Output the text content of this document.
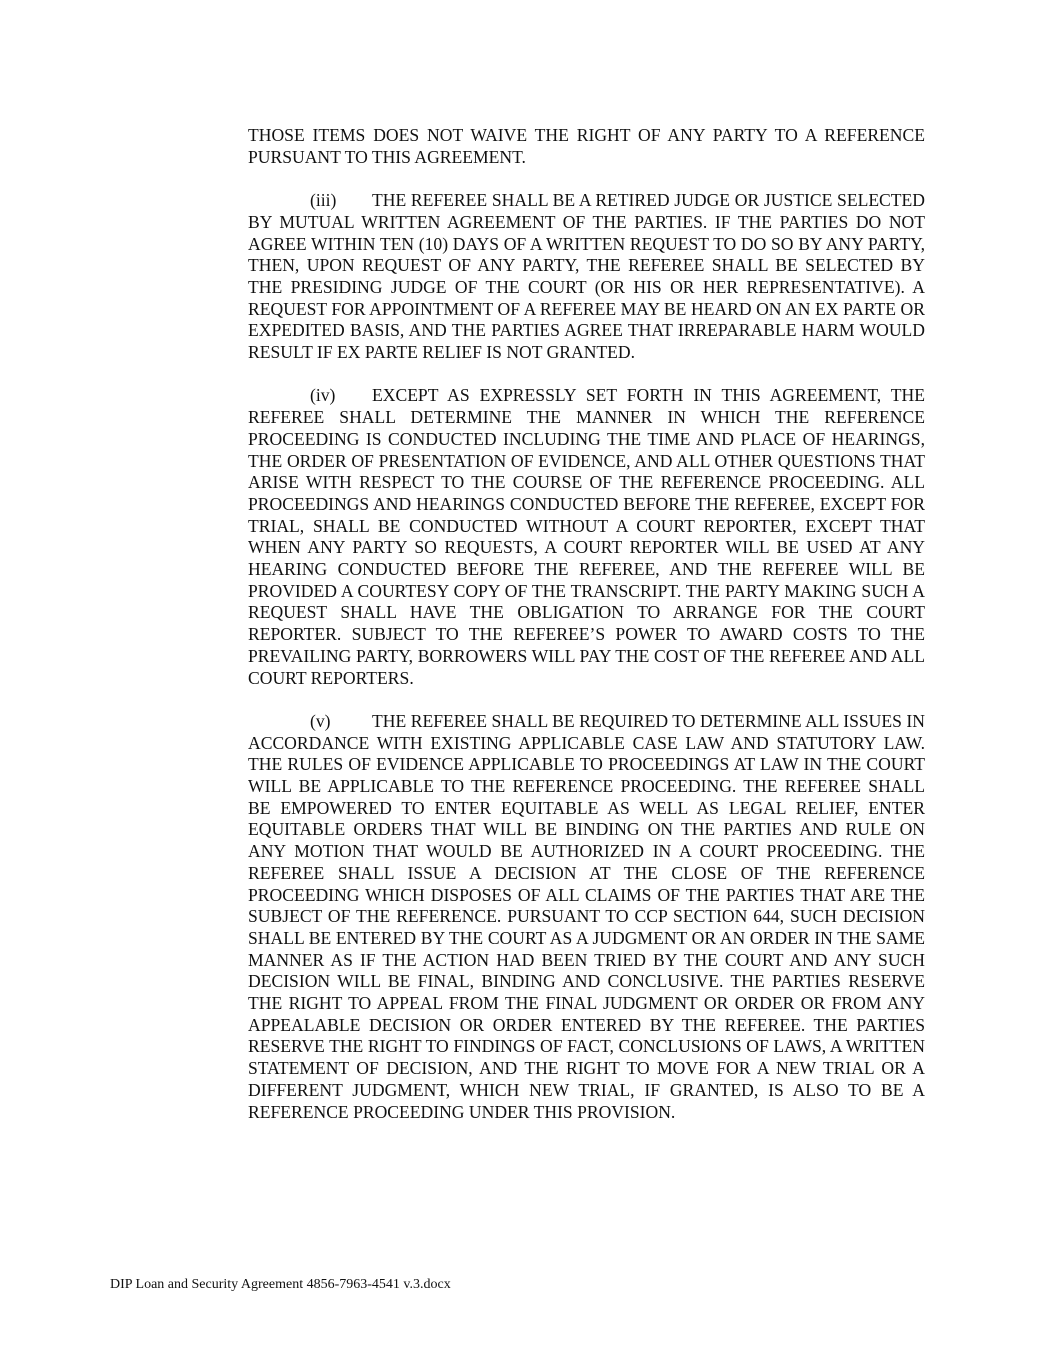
THOSE ITEMS DOES NOT WAIVE THE RIGHT OF ANY PARTY TO A REFERENCE PURSUANT TO THIS AGREEMENT.

(iii) THE REFEREE SHALL BE A RETIRED JUDGE OR JUSTICE SELECTED BY MUTUAL WRITTEN AGREEMENT OF THE PARTIES. IF THE PARTIES DO NOT AGREE WITHIN TEN (10) DAYS OF A WRITTEN REQUEST TO DO SO BY ANY PARTY, THEN, UPON REQUEST OF ANY PARTY, THE REFEREE SHALL BE SELECTED BY THE PRESIDING JUDGE OF THE COURT (OR HIS OR HER REPRESENTATIVE). A REQUEST FOR APPOINTMENT OF A REFEREE MAY BE HEARD ON AN EX PARTE OR EXPEDITED BASIS, AND THE PARTIES AGREE THAT IRREPARABLE HARM WOULD RESULT IF EX PARTE RELIEF IS NOT GRANTED.

(iv) EXCEPT AS EXPRESSLY SET FORTH IN THIS AGREEMENT, THE REFEREE SHALL DETERMINE THE MANNER IN WHICH THE REFERENCE PROCEEDING IS CONDUCTED INCLUDING THE TIME AND PLACE OF HEARINGS, THE ORDER OF PRESENTATION OF EVIDENCE, AND ALL OTHER QUESTIONS THAT ARISE WITH RESPECT TO THE COURSE OF THE REFERENCE PROCEEDING. ALL PROCEEDINGS AND HEARINGS CONDUCTED BEFORE THE REFEREE, EXCEPT FOR TRIAL, SHALL BE CONDUCTED WITHOUT A COURT REPORTER, EXCEPT THAT WHEN ANY PARTY SO REQUESTS, A COURT REPORTER WILL BE USED AT ANY HEARING CONDUCTED BEFORE THE REFEREE, AND THE REFEREE WILL BE PROVIDED A COURTESY COPY OF THE TRANSCRIPT. THE PARTY MAKING SUCH A REQUEST SHALL HAVE THE OBLIGATION TO ARRANGE FOR THE COURT REPORTER. SUBJECT TO THE REFEREE’S POWER TO AWARD COSTS TO THE PREVAILING PARTY, BORROWERS WILL PAY THE COST OF THE REFEREE AND ALL COURT REPORTERS.

(v) THE REFEREE SHALL BE REQUIRED TO DETERMINE ALL ISSUES IN ACCORDANCE WITH EXISTING APPLICABLE CASE LAW AND STATUTORY LAW. THE RULES OF EVIDENCE APPLICABLE TO PROCEEDINGS AT LAW IN THE COURT WILL BE APPLICABLE TO THE REFERENCE PROCEEDING. THE REFEREE SHALL BE EMPOWERED TO ENTER EQUITABLE AS WELL AS LEGAL RELIEF, ENTER EQUITABLE ORDERS THAT WILL BE BINDING ON THE PARTIES AND RULE ON ANY MOTION THAT WOULD BE AUTHORIZED IN A COURT PROCEEDING. THE REFEREE SHALL ISSUE A DECISION AT THE CLOSE OF THE REFERENCE PROCEEDING WHICH DISPOSES OF ALL CLAIMS OF THE PARTIES THAT ARE THE SUBJECT OF THE REFERENCE. PURSUANT TO CCP SECTION 644, SUCH DECISION SHALL BE ENTERED BY THE COURT AS A JUDGMENT OR AN ORDER IN THE SAME MANNER AS IF THE ACTION HAD BEEN TRIED BY THE COURT AND ANY SUCH DECISION WILL BE FINAL, BINDING AND CONCLUSIVE. THE PARTIES RESERVE THE RIGHT TO APPEAL FROM THE FINAL JUDGMENT OR ORDER OR FROM ANY APPEALABLE DECISION OR ORDER ENTERED BY THE REFEREE. THE PARTIES RESERVE THE RIGHT TO FINDINGS OF FACT, CONCLUSIONS OF LAWS, A WRITTEN STATEMENT OF DECISION, AND THE RIGHT TO MOVE FOR A NEW TRIAL OR A DIFFERENT JUDGMENT, WHICH NEW TRIAL, IF GRANTED, IS ALSO TO BE A REFERENCE PROCEEDING UNDER THIS PROVISION.

DIP Loan and Security Agreement 4856-7963-4541 v.3.docx
